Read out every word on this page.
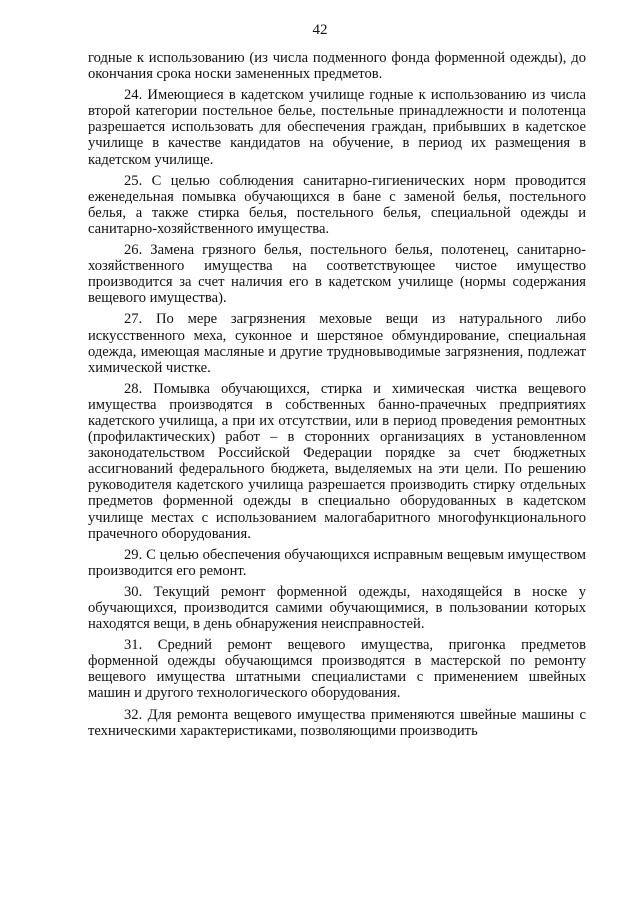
42

годные к использованию (из числа подменного фонда форменной одежды), до окончания срока носки замененных предметов.

24. Имеющиеся в кадетском училище годные к использованию из числа второй категории постельное белье, постельные принадлежности и полотенца разрешается использовать для обеспечения граждан, прибывших в кадетское училище в качестве кандидатов на обучение, в период их размещения в кадетском училище.

25. С целью соблюдения санитарно-гигиенических норм проводится еженедельная помывка обучающихся в бане с заменой белья, постельного белья, а также стирка белья, постельного белья, специальной одежды и санитарно-хозяйственного имущества.

26. Замена грязного белья, постельного белья, полотенец, санитарно-хозяйственного имущества на соответствующее чистое имущество производится за счет наличия его в кадетском училище (нормы содержания вещевого имущества).

27. По мере загрязнения меховые вещи из натурального либо искусственного меха, суконное и шерстяное обмундирование, специальная одежда, имеющая масляные и другие трудновыводимые загрязнения, подлежат химической чистке.

28. Помывка обучающихся, стирка и химическая чистка вещевого имущества производятся в собственных банно-прачечных предприятиях кадетского училища, а при их отсутствии, или в период проведения ремонтных (профилактических) работ – в сторонних организациях в установленном законодательством Российской Федерации порядке за счет бюджетных ассигнований федерального бюджета, выделяемых на эти цели. По решению руководителя кадетского училища разрешается производить стирку отдельных предметов форменной одежды в специально оборудованных в кадетском училище местах с использованием малогабаритного многофункционального прачечного оборудования.

29. С целью обеспечения обучающихся исправным вещевым имуществом производится его ремонт.

30. Текущий ремонт форменной одежды, находящейся в носке у обучающихся, производится самими обучающимися, в пользовании которых находятся вещи, в день обнаружения неисправностей.

31. Средний ремонт вещевого имущества, пригонка предметов форменной одежды обучающимся производятся в мастерской по ремонту вещевого имущества штатными специалистами с применением швейных машин и другого технологического оборудования.

32. Для ремонта вещевого имущества применяются швейные машины с техническими характеристиками, позволяющими производить
